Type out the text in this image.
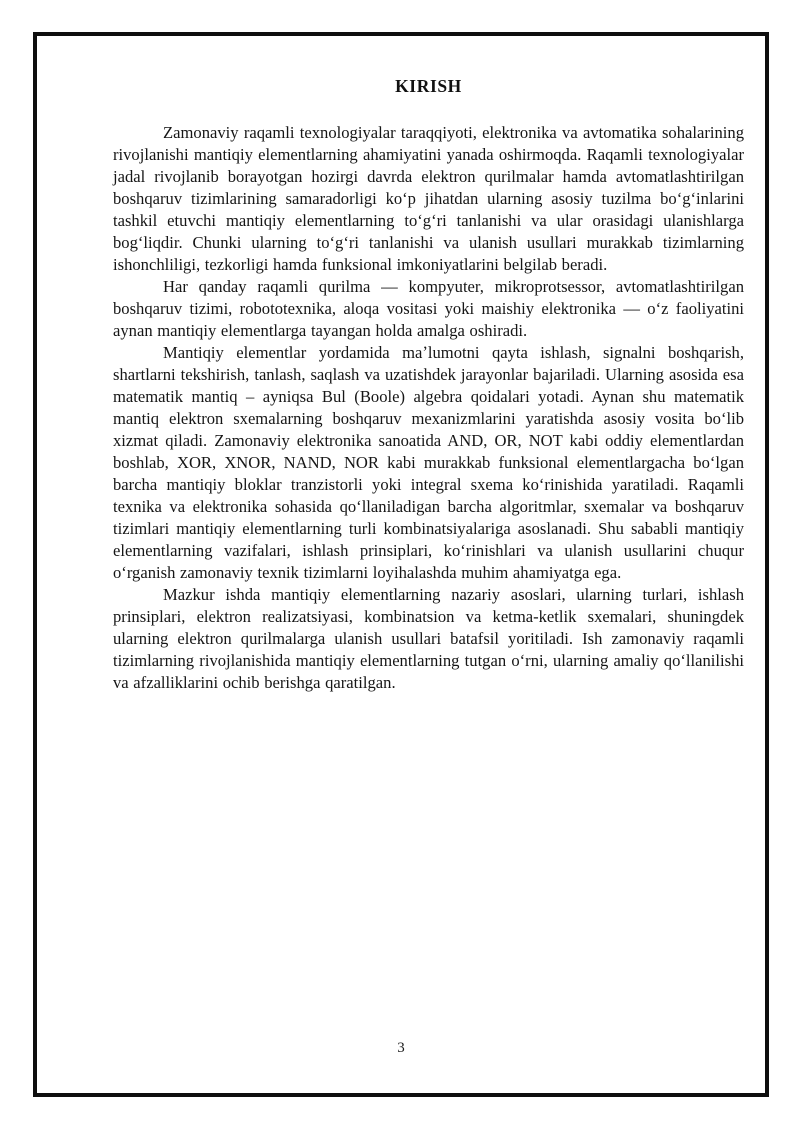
KIRISH

Zamonaviy raqamli texnologiyalar taraqqiyoti, elektronika va avtomatika sohalarining rivojlanishi mantiqiy elementlarning ahamiyatini yanada oshirmoqda. Raqamli texnologiyalar jadal rivojlanib borayotgan hozirgi davrda elektron qurilmalar hamda avtomatlashtirilgan boshqaruv tizimlarining samaradorligi koʻp jihatdan ularning asosiy tuzilma boʻgʻinlarini tashkil etuvchi mantiqiy elementlarning toʻgʻri tanlanishi va ular orasidagi ulanishlarga bogʻliqdir. Chunki ularning toʻgʻri tanlanishi va ulanish usullari murakkab tizimlarning ishonchliligi, tezkorligi hamda funksional imkoniyatlarini belgilab beradi.

Har qanday raqamli qurilma — kompyuter, mikroprotsessor, avtomatlashtirilgan boshqaruv tizimi, robototexnika, aloqa vositasi yoki maishiy elektronika — oʻz faoliyatini aynan mantiqiy elementlarga tayangan holda amalga oshiradi.

Mantiqiy elementlar yordamida maʼlumotni qayta ishlash, signalni boshqarish, shartlarni tekshirish, tanlash, saqlash va uzatishdek jarayonlar bajariladi. Ularning asosida esa matematik mantiq – ayniqsa Bul (Boole) algebra qoidalari yotadi. Aynan shu matematik mantiq elektron sxemalarning boshqaruv mexanizmlarini yaratishda asosiy vosita boʻlib xizmat qiladi. Zamonaviy elektronika sanoatida AND, OR, NOT kabi oddiy elementlardan boshlab, XOR, XNOR, NAND, NOR kabi murakkab funksional elementlargacha boʻlgan barcha mantiqiy bloklar tranzistorli yoki integral sxema koʻrinishida yaratiladi. Raqamli texnika va elektronika sohasida qoʻllaniladigan barcha algoritmlar, sxemalar va boshqaruv tizimlari mantiqiy elementlarning turli kombinatsiyalariga asoslanadi. Shu sababli mantiqiy elementlarning vazifalari, ishlash prinsiplari, koʻrinishlari va ulanish usullarini chuqur oʻrganish zamonaviy texnik tizimlarni loyihalashda muhim ahamiyatga ega.

Mazkur ishda mantiqiy elementlarning nazariy asoslari, ularning turlari, ishlash prinsiplari, elektron realizatsiyasi, kombinatsion va ketma-ketlik sxemalari, shuningdek ularning elektron qurilmalarga ulanish usullari batafsil yoritiladi. Ish zamonaviy raqamli tizimlarning rivojlanishida mantiqiy elementlarning tutgan oʻrni, ularning amaliy qoʻllanilishi va afzalliklarini ochib berishga qaratilgan.

3
